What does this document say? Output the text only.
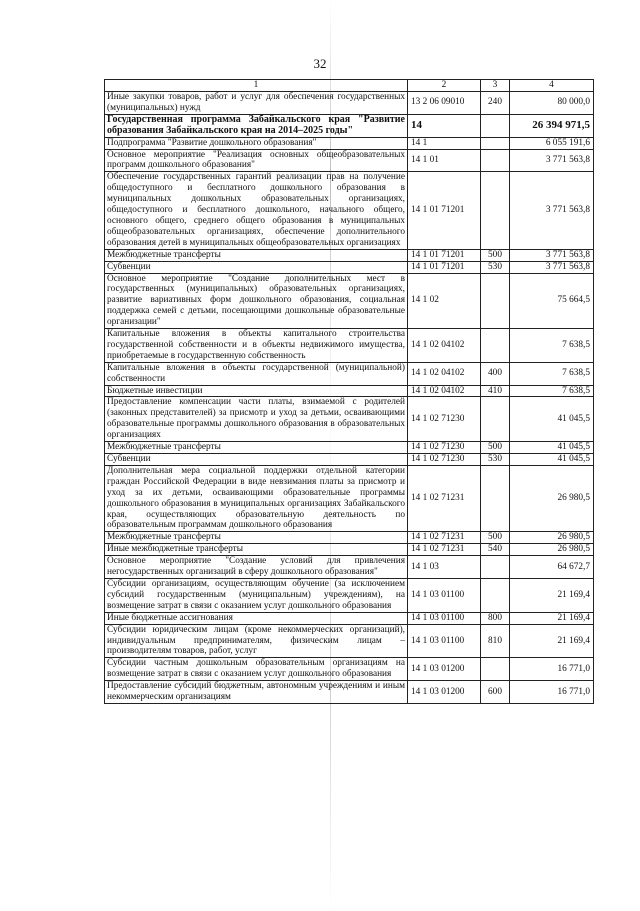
32
1	2	3	4
Иные закупки товаров, работ и услуг для обеспечения государственных (муниципальных) нужд	13 2 06 09010	240	80 000,0
Государственная программа Забайкальского края "Развитие образования Забайкальского края на 2014–2025 годы"	14		26 394 971,5
Подпрограмма "Развитие дошкольного образования"	14 1		6 055 191,6
Основное мероприятие "Реализация основных общеобразовательных программ дошкольного образования"	14 1 01		3 771 563,8
Обеспечение государственных гарантий реализации прав на получение общедоступного и бесплатного дошкольного образования в муниципальных дошкольных образовательных организациях, общедоступного и бесплатного дошкольного, начального общего, основного общего, среднего общего образования в муниципальных общеобразовательных организациях, обеспечение дополнительного образования детей в муниципальных общеобразовательных организациях	14 1 01 71201		3 771 563,8
Межбюджетные трансферты	14 1 01 71201	500	3 771 563,8
Субвенции	14 1 01 71201	530	3 771 563,8
Основное мероприятие "Создание дополнительных мест в государственных (муниципальных) образовательных организациях, развитие вариативных форм дошкольного образования, социальная поддержка семей с детьми, посещающими дошкольные образовательные организации"	14 1 02		75 664,5
Капитальные вложения в объекты капитального строительства государственной собственности и в объекты недвижимого имущества, приобретаемые в государственную собственность	14 1 02 04102		7 638,5
Капитальные вложения в объекты государственной (муниципальной) собственности	14 1 02 04102	400	7 638,5
Бюджетные инвестиции	14 1 02 04102	410	7 638,5
Предоставление компенсации части платы, взимаемой с родителей (законных представителей) за присмотр и уход за детьми, осваивающими образовательные программы дошкольного образования в образовательных организациях	14 1 02 71230		41 045,5
Межбюджетные трансферты	14 1 02 71230	500	41 045,5
Субвенции	14 1 02 71230	530	41 045,5
Дополнительная мера социальной поддержки отдельной категории граждан Российской Федерации в виде невзимания платы за присмотр и уход за их детьми, осваивающими образовательные программы дошкольного образования в муниципальных организациях Забайкальского края, осуществляющих образовательную деятельность по образовательным программам дошкольного образования	14 1 02 71231		26 980,5
Межбюджетные трансферты	14 1 02 71231	500	26 980,5
Иные межбюджетные трансферты	14 1 02 71231	540	26 980,5
Основное мероприятие "Создание условий для привлечения негосударственных организаций в сферу дошкольного образования"	14 1 03		64 672,7
Субсидии организациям, осуществляющим обучение (за исключением субсидий государственным (муниципальным) учреждениям), на возмещение затрат в связи с оказанием услуг дошкольного образования	14 1 03 01100		21 169,4
Иные бюджетные ассигнования	14 1 03 01100	800	21 169,4
Субсидии юридическим лицам (кроме некоммерческих организаций), индивидуальным предпринимателям, физическим лицам – производителям товаров, работ, услуг	14 1 03 01100	810	21 169,4
Субсидии частным дошкольным образовательным организациям на возмещение затрат в связи с оказанием услуг дошкольного образования	14 1 03 01200		16 771,0
Предоставление субсидий бюджетным, автономным учреждениям и иным некоммерческим организациям	14 1 03 01200	600	16 771,0
